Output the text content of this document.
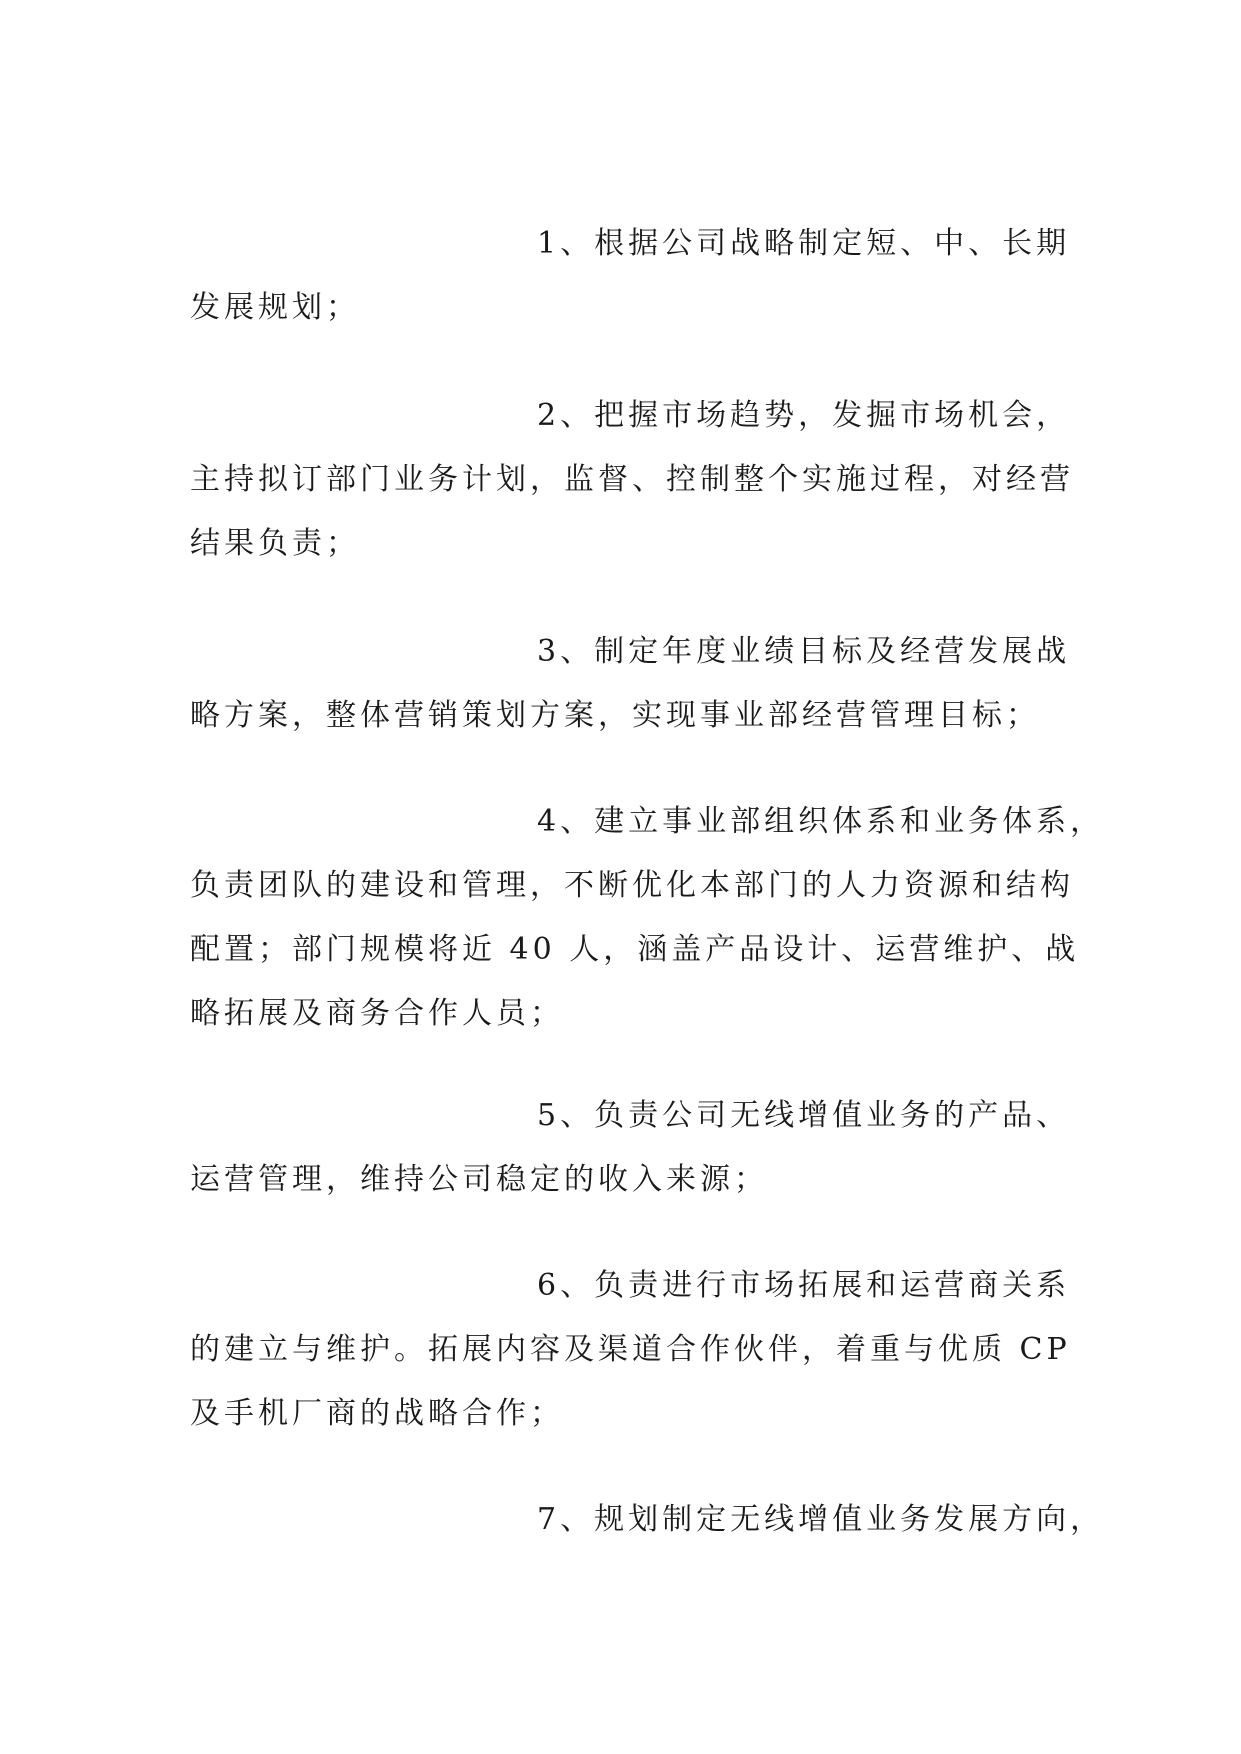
1、根据公司战略制定短、中、长期
发展规划；

2、把握市场趋势，发掘市场机会，
主持拟订部门业务计划，监督、控制整个实施过程，对经营
结果负责；

3、制定年度业绩目标及经营发展战
略方案，整体营销策划方案，实现事业部经营管理目标；

4、建立事业部组织体系和业务体系，
负责团队的建设和管理，不断优化本部门的人力资源和结构
配置；部门规模将近 40 人，涵盖产品设计、运营维护、战
略拓展及商务合作人员；

5、负责公司无线增值业务的产品、
运营管理，维持公司稳定的收入来源；

6、负责进行市场拓展和运营商关系
的建立与维护。拓展内容及渠道合作伙伴，着重与优质 CP
及手机厂商的战略合作；

7、规划制定无线增值业务发展方向，
